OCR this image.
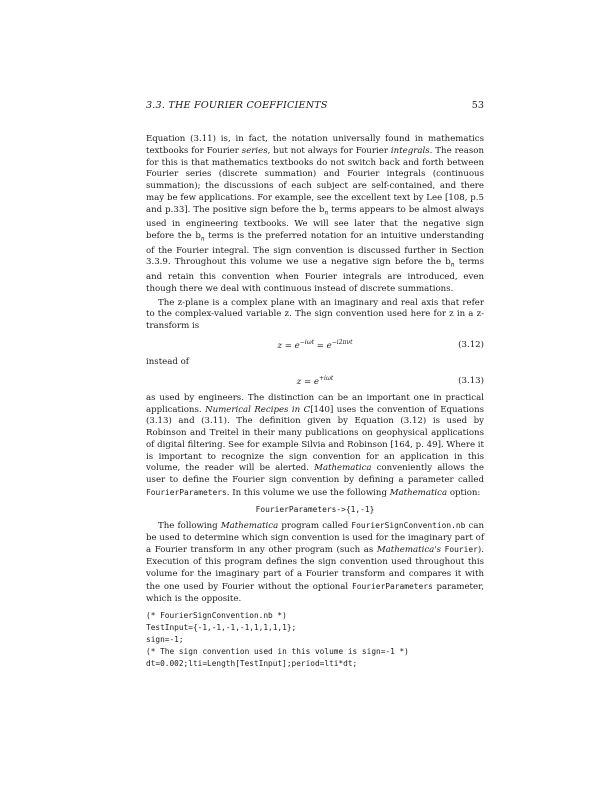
3.3. THE FOURIER COEFFICIENTS	53

Equation (3.11) is, in fact, the notation universally found in mathematics textbooks for Fourier series, but not always for Fourier integrals. The reason for this is that mathematics textbooks do not switch back and forth between Fourier series (discrete summation) and Fourier integrals (continuous summation); the discussions of each subject are self-contained, and there may be few applications. For example, see the excellent text by Lee [108, p.5 and p.33]. The positive sign before the $b_n$ terms appears to be almost always used in engineering textbooks. We will see later that the negative sign before the $b_n$ terms is the preferred notation for an intuitive understanding of the Fourier integral. The sign convention is discussed further in Section 3.3.9. Throughout this volume we use a negative sign before the $b_n$ terms and retain this convention when Fourier integrals are introduced, even though there we deal with continuous instead of discrete summations.

The z-plane is a complex plane with an imaginary and real axis that refer to the complex-valued variable z. The sign convention used here for z in a z-transform is

$z = e^{-i\omega t} = e^{-i2\pi\nu t}$	(3.12)

instead of

$z = e^{+i\omega t}$	(3.13)

as used by engineers. The distinction can be an important one in practical applications. Numerical Recipes in C[140] uses the convention of Equations (3.13) and (3.11). The definition given by Equation (3.12) is used by Robinson and Treitel in their many publications on geophysical applications of digital filtering. See for example Silvia and Robinson [164, p. 49]. Where it is important to recognize the sign convention for an application in this volume, the reader will be alerted. Mathematica conveniently allows the user to define the Fourier sign convention by defining a parameter called FourierParameters. In this volume we use the following Mathematica option:

FourierParameters->{1,-1}

The following Mathematica program called FourierSignConvention.nb can be used to determine which sign convention is used for the imaginary part of a Fourier transform in any other program (such as Mathematica's Fourier). Execution of this program defines the sign convention used throughout this volume for the imaginary part of a Fourier transform and compares it with the one used by Fourier without the optional FourierParameters parameter, which is the opposite.

(* FourierSignConvention.nb *)
TestInput={-1,-1,-1,-1,1,1,1,1};
sign=-1;
(* The sign convention used in this volume is sign=-1 *)
dt=0.002;lti=Length[TestInput];period=lti*dt;
